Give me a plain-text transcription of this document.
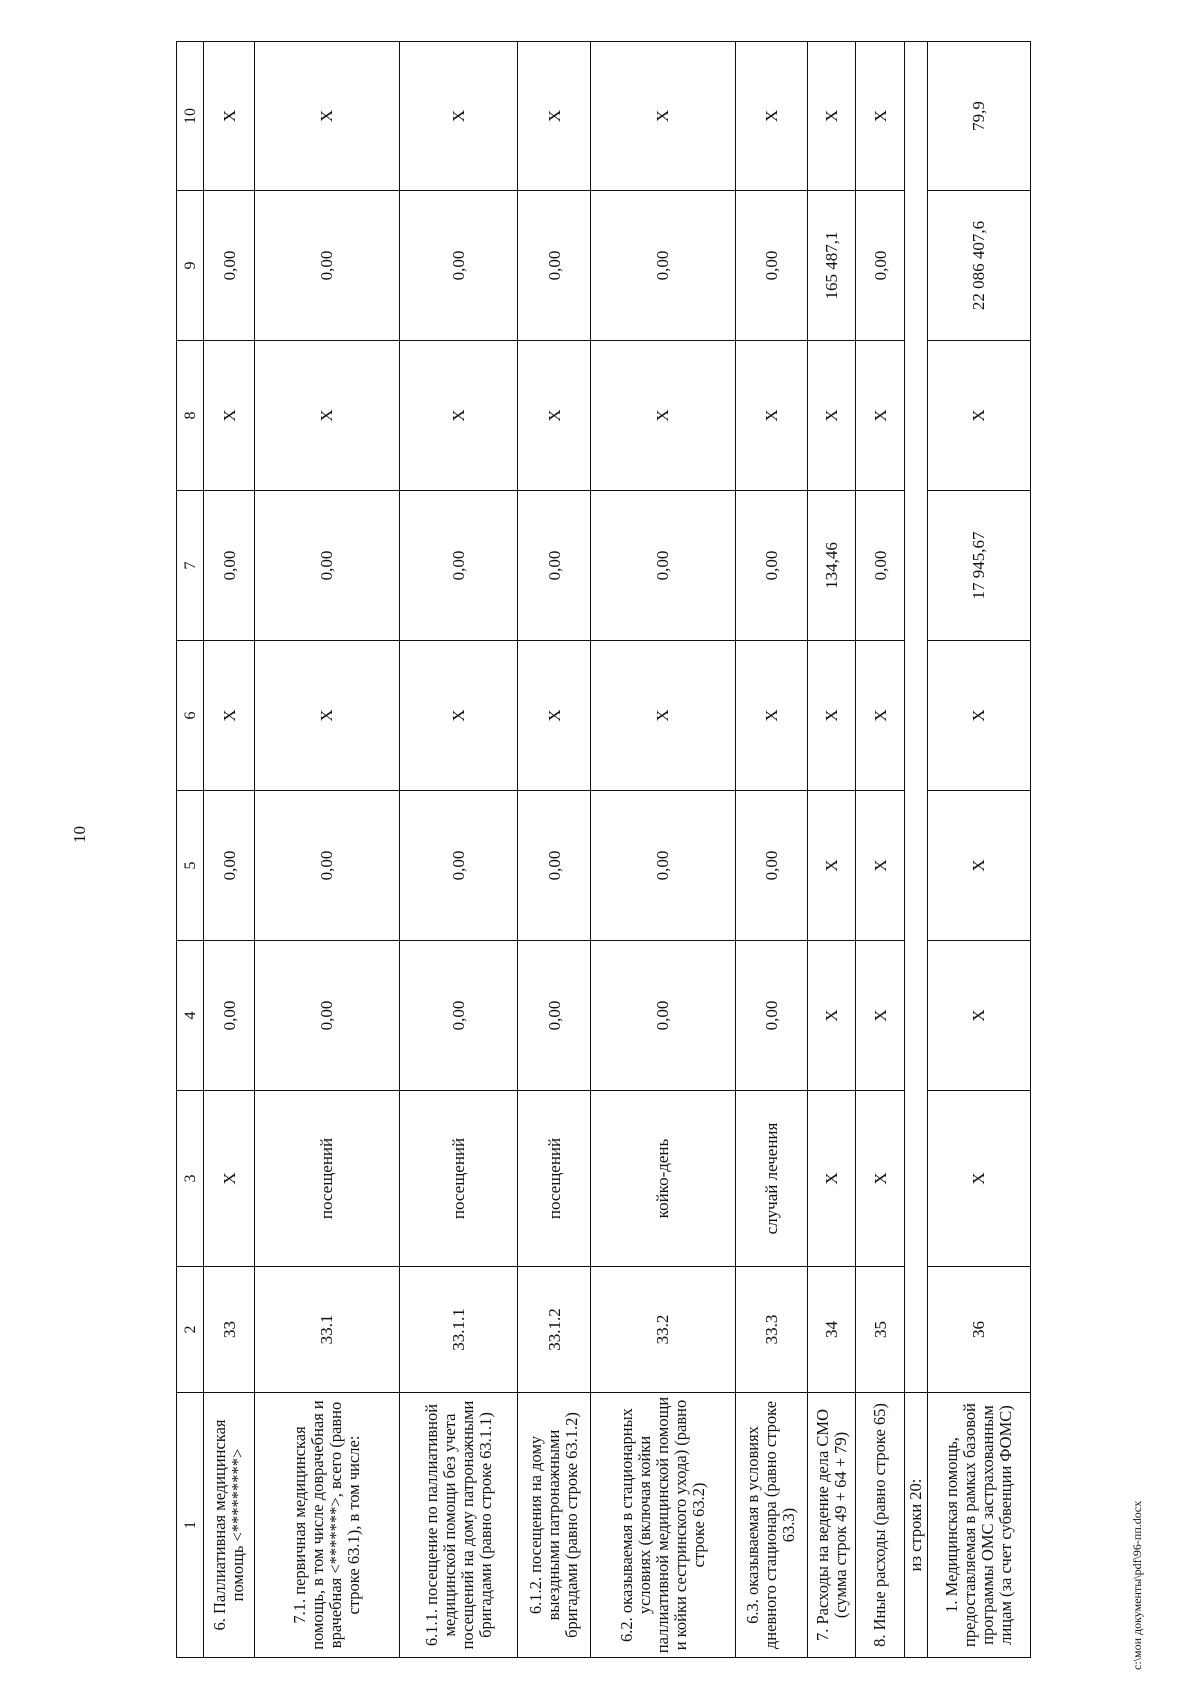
10
1	2	3	4	5	6	7	8	9	10
6. Паллиативная медицинская помощь <*********>	33	X	0,00	0,00	X	0,00	X	0,00	X
7.1. первичная медицинская помощь, в том числе доврачебная и врачебная <*******>, всего (равно строке 63.1), в том числе:	33.1	посещений	0,00	0,00	X	0,00	X	0,00	X
6.1.1. посещение по паллиативной медицинской помощи без учета посещений на дому патронажными бригадами (равно строке 63.1.1)	33.1.1	посещений	0,00	0,00	X	0,00	X	0,00	X
6.1.2. посещения на дому выездными патронажными бригадами (равно строке 63.1.2)	33.1.2	посещений	0,00	0,00	X	0,00	X	0,00	X
6.2. оказываемая в стационарных условиях (включая койки паллиативной медицинской помощи и койки сестринского ухода) (равно строке 63.2)	33.2	койко-день	0,00	0,00	X	0,00	X	0,00	X
6.3. оказываемая в условиях дневного стационара (равно строке 63.3)	33.3	случай лечения	0,00	0,00	X	0,00	X	0,00	X
7. Расходы на ведение дела СМО (сумма строк 49 + 64 + 79)	34	X	X	X	X	134,46	X	165 487,1	X
8. Иные расходы (равно строке 65)	35	X	X	X	X	0,00	X	0,00	X
из строки 20:									
1. Медицинская помощь, предоставляемая в рамках базовой программы ОМС застрахованным лицам (за счет субвенции ФОМС)	36	X	X	X	X	17 945,67	X	22 086 407,6	79,9
c:\мои документы\pdf\96-пп.docx
